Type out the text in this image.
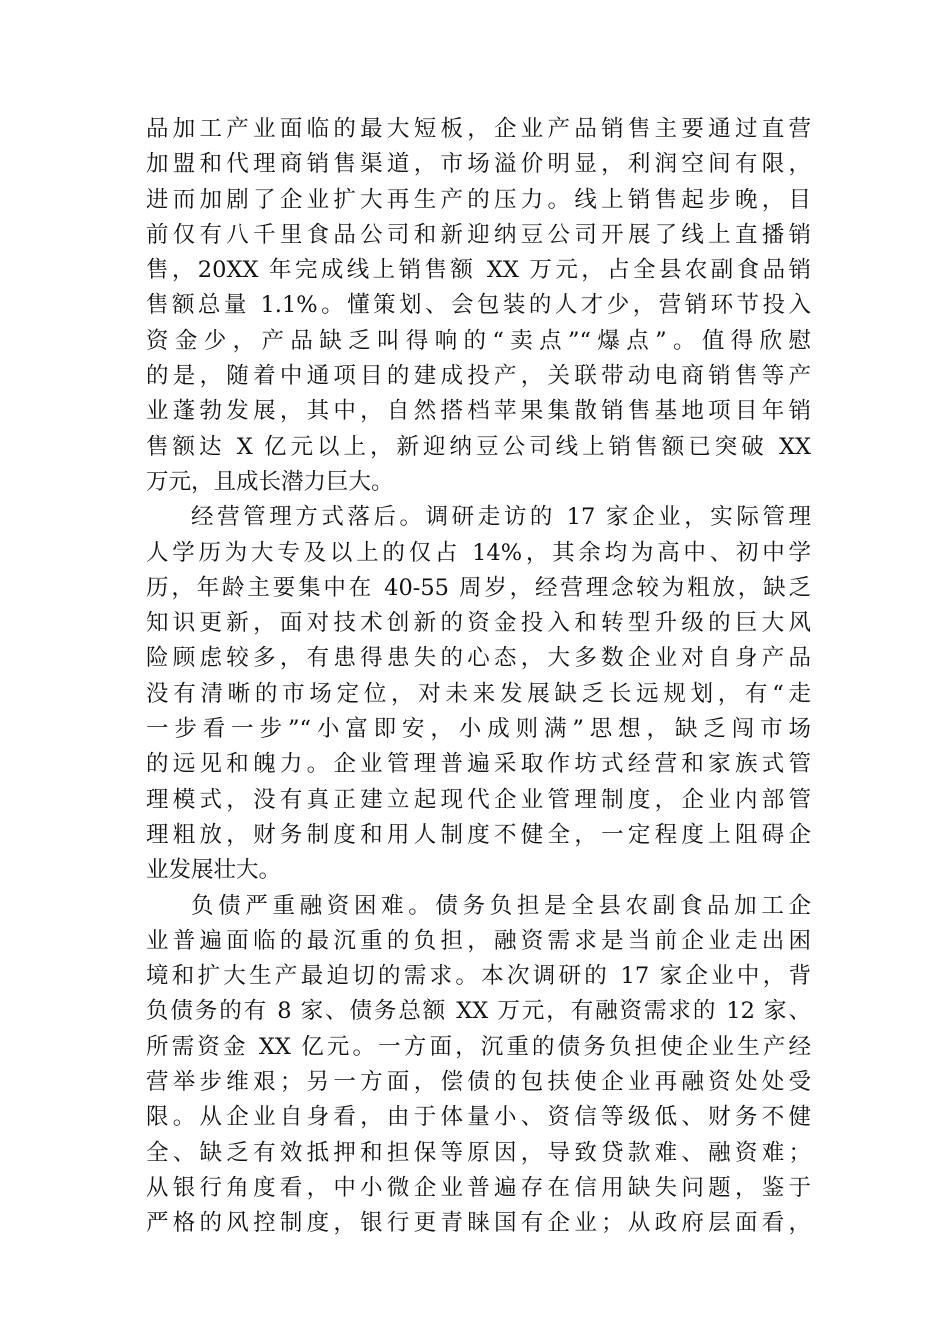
品加工产业面临的最大短板，企业产品销售主要通过直营
加盟和代理商销售渠道，市场溢价明显，利润空间有限，
进而加剧了企业扩大再生产的压力。线上销售起步晚，目
前仅有八千里食品公司和新迎纳豆公司开展了线上直播销
售，20XX 年完成线上销售额 XX 万元，占全县农副食品销
售额总量 1.1%。懂策划、会包装的人才少，营销环节投入
资金少，产品缺乏叫得响的“卖点”“爆点”。值得欣慰
的是，随着中通项目的建成投产，关联带动电商销售等产
业蓬勃发展，其中，自然搭档苹果集散销售基地项目年销
售额达 X 亿元以上，新迎纳豆公司线上销售额已突破 XX
万元，且成长潜力巨大。
经营管理方式落后。调研走访的 17 家企业，实际管理
人学历为大专及以上的仅占 14%，其余均为高中、初中学
历，年龄主要集中在 40-55 周岁，经营理念较为粗放，缺乏
知识更新，面对技术创新的资金投入和转型升级的巨大风
险顾虑较多，有患得患失的心态，大多数企业对自身产品
没有清晰的市场定位，对未来发展缺乏长远规划，有“走
一步看一步”“小富即安，小成则满”思想，缺乏闯市场
的远见和魄力。企业管理普遍采取作坊式经营和家族式管
理模式，没有真正建立起现代企业管理制度，企业内部管
理粗放，财务制度和用人制度不健全，一定程度上阻碍企
业发展壮大。
负债严重融资困难。债务负担是全县农副食品加工企
业普遍面临的最沉重的负担，融资需求是当前企业走出困
境和扩大生产最迫切的需求。本次调研的 17 家企业中，背
负债务的有 8 家、债务总额 XX 万元，有融资需求的 12 家、
所需资金 XX 亿元。一方面，沉重的债务负担使企业生产经
营举步维艰；另一方面，偿债的包扶使企业再融资处处受
限。从企业自身看，由于体量小、资信等级低、财务不健
全、缺乏有效抵押和担保等原因，导致贷款难、融资难；
从银行角度看，中小微企业普遍存在信用缺失问题，鉴于
严格的风控制度，银行更青睐国有企业；从政府层面看，
